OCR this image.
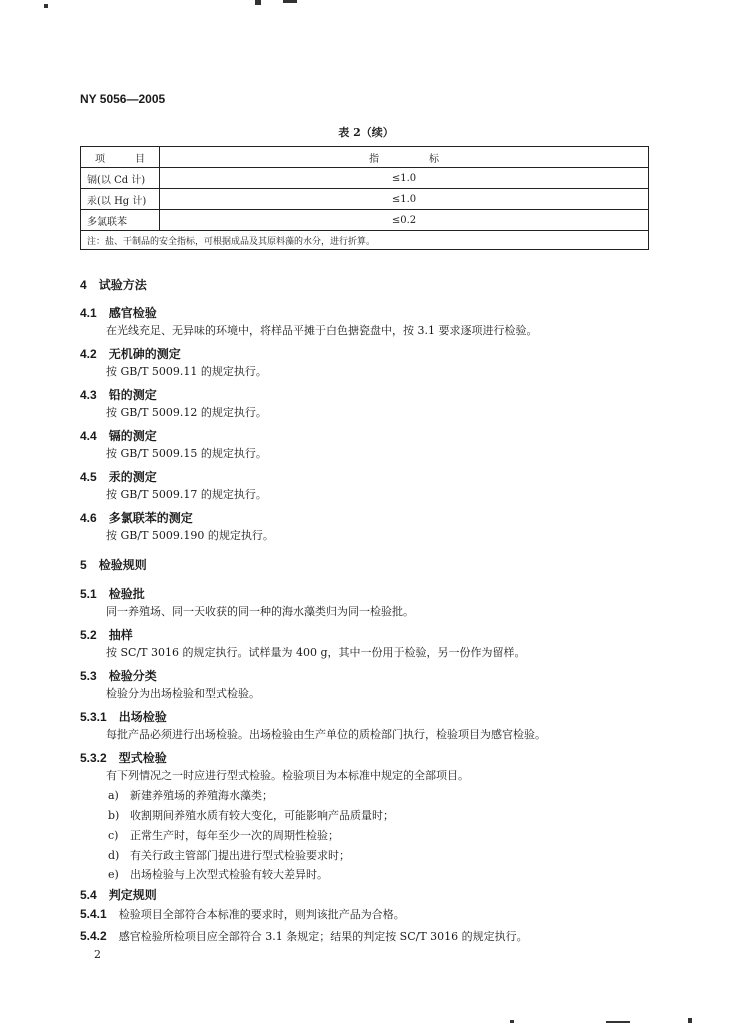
NY 5056—2005
表 2（续）
项　　　目	指　　　　　标
镉(以 Cd 计)	≤1.0
汞(以 Hg 计)	≤1.0
多氯联苯	≤0.2
注：盐、干制品的安全指标，可根据成品及其原料藻的水分，进行折算。	
4 试验方法
4.1 感官检验
在光线充足、无异味的环境中，将样品平摊于白色搪瓷盘中，按 3.1 要求逐项进行检验。
4.2 无机砷的测定
按 GB/T 5009.11 的规定执行。
4.3 铅的测定
按 GB/T 5009.12 的规定执行。
4.4 镉的测定
按 GB/T 5009.15 的规定执行。
4.5 汞的测定
按 GB/T 5009.17 的规定执行。
4.6 多氯联苯的测定
按 GB/T 5009.190 的规定执行。
5 检验规则
5.1 检验批
同一养殖场、同一天收获的同一种的海水藻类归为同一检验批。
5.2 抽样
按 SC/T 3016 的规定执行。试样量为 400 g，其中一份用于检验，另一份作为留样。
5.3 检验分类
检验分为出场检验和型式检验。
5.3.1 出场检验
每批产品必须进行出场检验。出场检验由生产单位的质检部门执行，检验项目为感官检验。
5.3.2 型式检验
有下列情况之一时应进行型式检验。检验项目为本标准中规定的全部项目。
a) 新建养殖场的养殖海水藻类；
b) 收割期间养殖水质有较大变化，可能影响产品质量时；
c) 正常生产时，每年至少一次的周期性检验；
d) 有关行政主管部门提出进行型式检验要求时；
e) 出场检验与上次型式检验有较大差异时。
5.4 判定规则
5.4.1 检验项目全部符合本标准的要求时，则判该批产品为合格。
5.4.2 感官检验所检项目应全部符合 3.1 条规定；结果的判定按 SC/T 3016 的规定执行。
2
